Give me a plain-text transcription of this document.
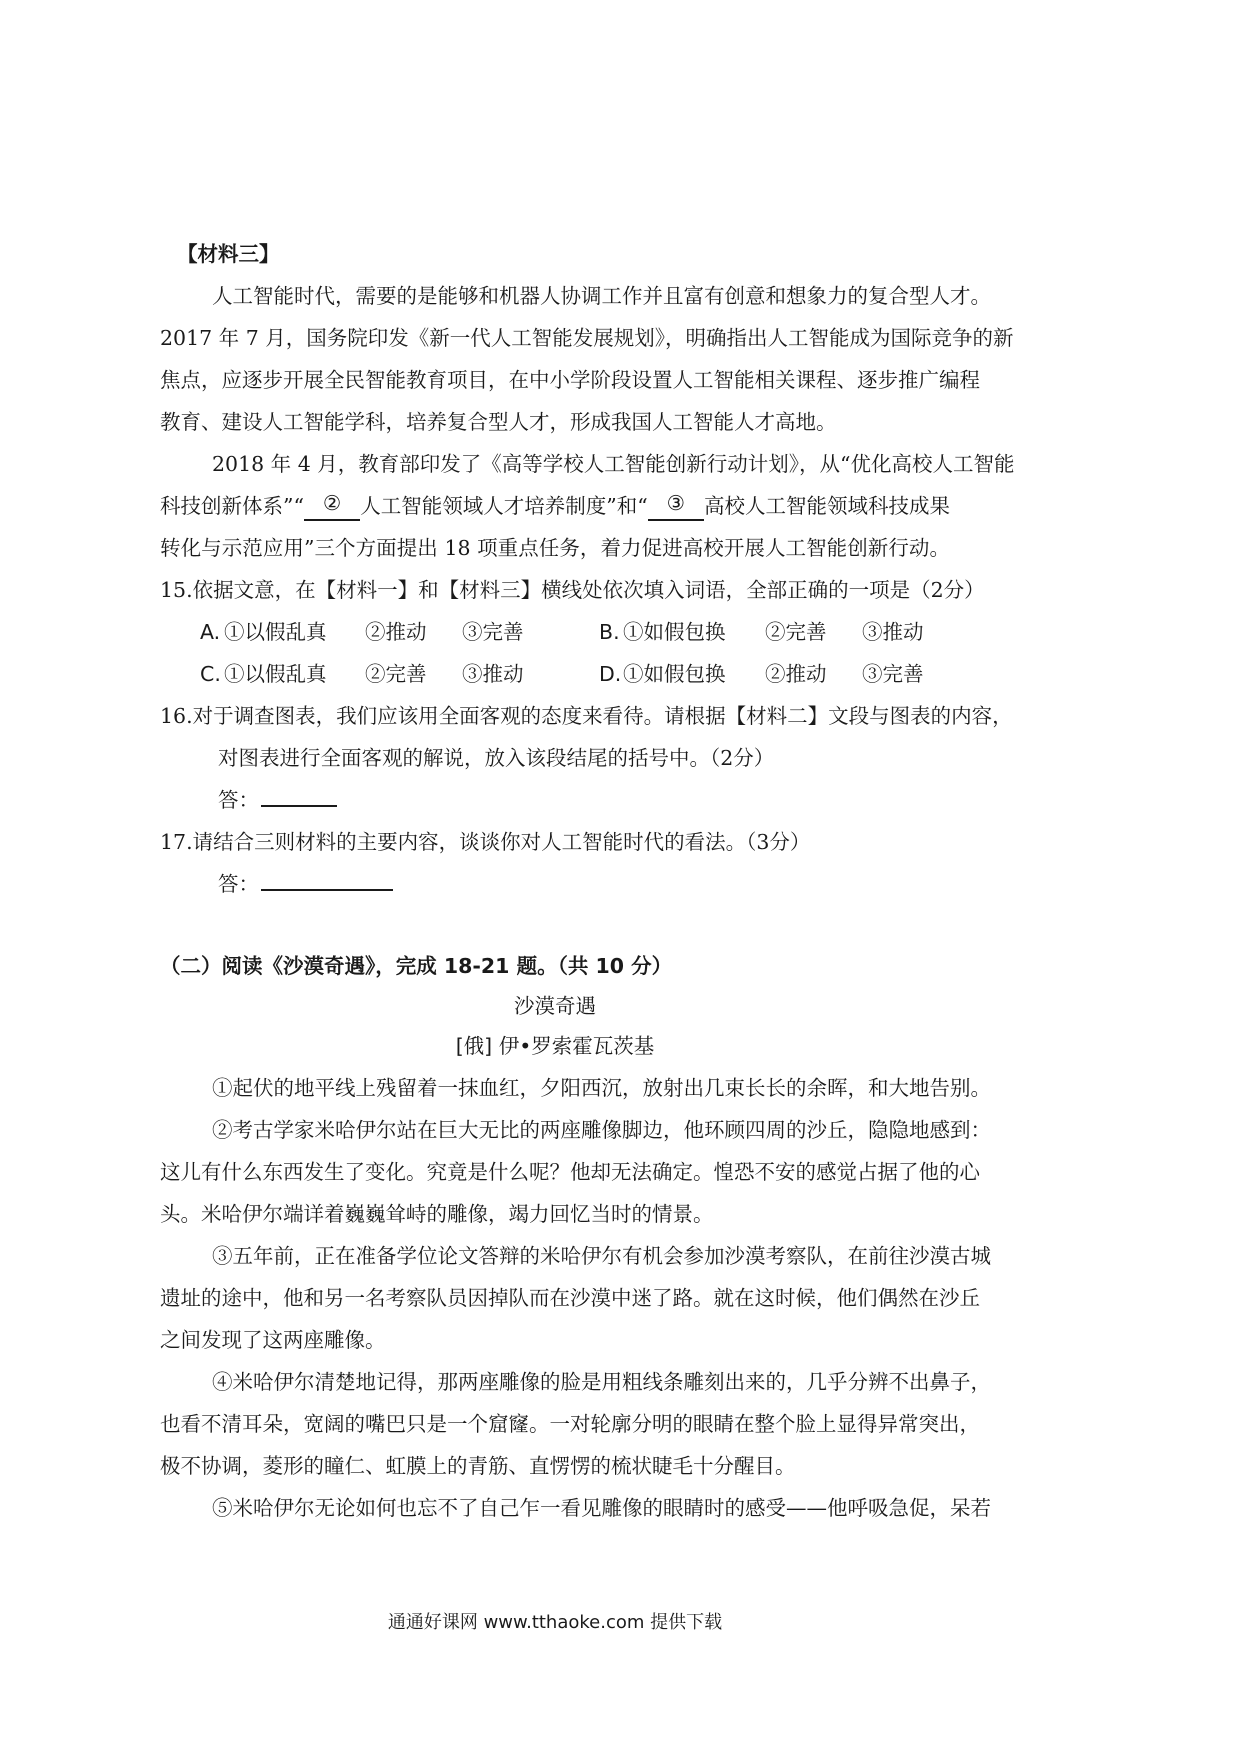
【材料三】
人工智能时代，需要的是能够和机器人协调工作并且富有创意和想象力的复合型人才。
2017 年 7 月，国务院印发《新一代人工智能发展规划》，明确指出人工智能成为国际竞争的新
焦点，应逐步开展全民智能教育项目，在中小学阶段设置人工智能相关课程、逐步推广编程
教育、建设人工智能学科，培养复合型人才，形成我国人工智能人才高地。
2018 年 4 月，教育部印发了《高等学校人工智能创新行动计划》，从“优化高校人工智能
科技创新体系”“ ② 人工智能领域人才培养制度”和“ ③ 高校人工智能领域科技成果
转化与示范应用”三个方面提出 18 项重点任务，着力促进高校开展人工智能创新行动。
15.依据文意，在【材料一】和【材料三】横线处依次填入词语，全部正确的一项是（2分）
A. ①以假乱真 ②推动 ③完善	B. ①如假包换 ②完善 ③推动
C. ①以假乱真 ②完善 ③推动	D. ①如假包换 ②推动 ③完善
16.对于调查图表，我们应该用全面客观的态度来看待。请根据【材料二】文段与图表的内容，
对图表进行全面客观的解说，放入该段结尾的括号中。（2分）
答：
17.请结合三则材料的主要内容，谈谈你对人工智能时代的看法。（3分）
答：
（二）阅读《沙漠奇遇》，完成 18-21 题。（共 10 分）
沙漠奇遇
[俄] 伊•罗索霍瓦茨基
①起伏的地平线上残留着一抹血红，夕阳西沉，放射出几束长长的余晖，和大地告别。
②考古学家米哈伊尔站在巨大无比的两座雕像脚边，他环顾四周的沙丘，隐隐地感到：
这儿有什么东西发生了变化。究竟是什么呢？他却无法确定。惶恐不安的感觉占据了他的心
头。米哈伊尔端详着巍巍耸峙的雕像，竭力回忆当时的情景。
③五年前，正在准备学位论文答辩的米哈伊尔有机会参加沙漠考察队，在前往沙漠古城
遗址的途中，他和另一名考察队员因掉队而在沙漠中迷了路。就在这时候，他们偶然在沙丘
之间发现了这两座雕像。
④米哈伊尔清楚地记得，那两座雕像的脸是用粗线条雕刻出来的，几乎分辨不出鼻子，
也看不清耳朵，宽阔的嘴巴只是一个窟窿。一对轮廓分明的眼睛在整个脸上显得异常突出，
极不协调，菱形的瞳仁、虹膜上的青筋、直愣愣的梳状睫毛十分醒目。
⑤米哈伊尔无论如何也忘不了自己乍一看见雕像的眼睛时的感受——他呼吸急促，呆若
通通好课网 www.tthaoke.com 提供下载
